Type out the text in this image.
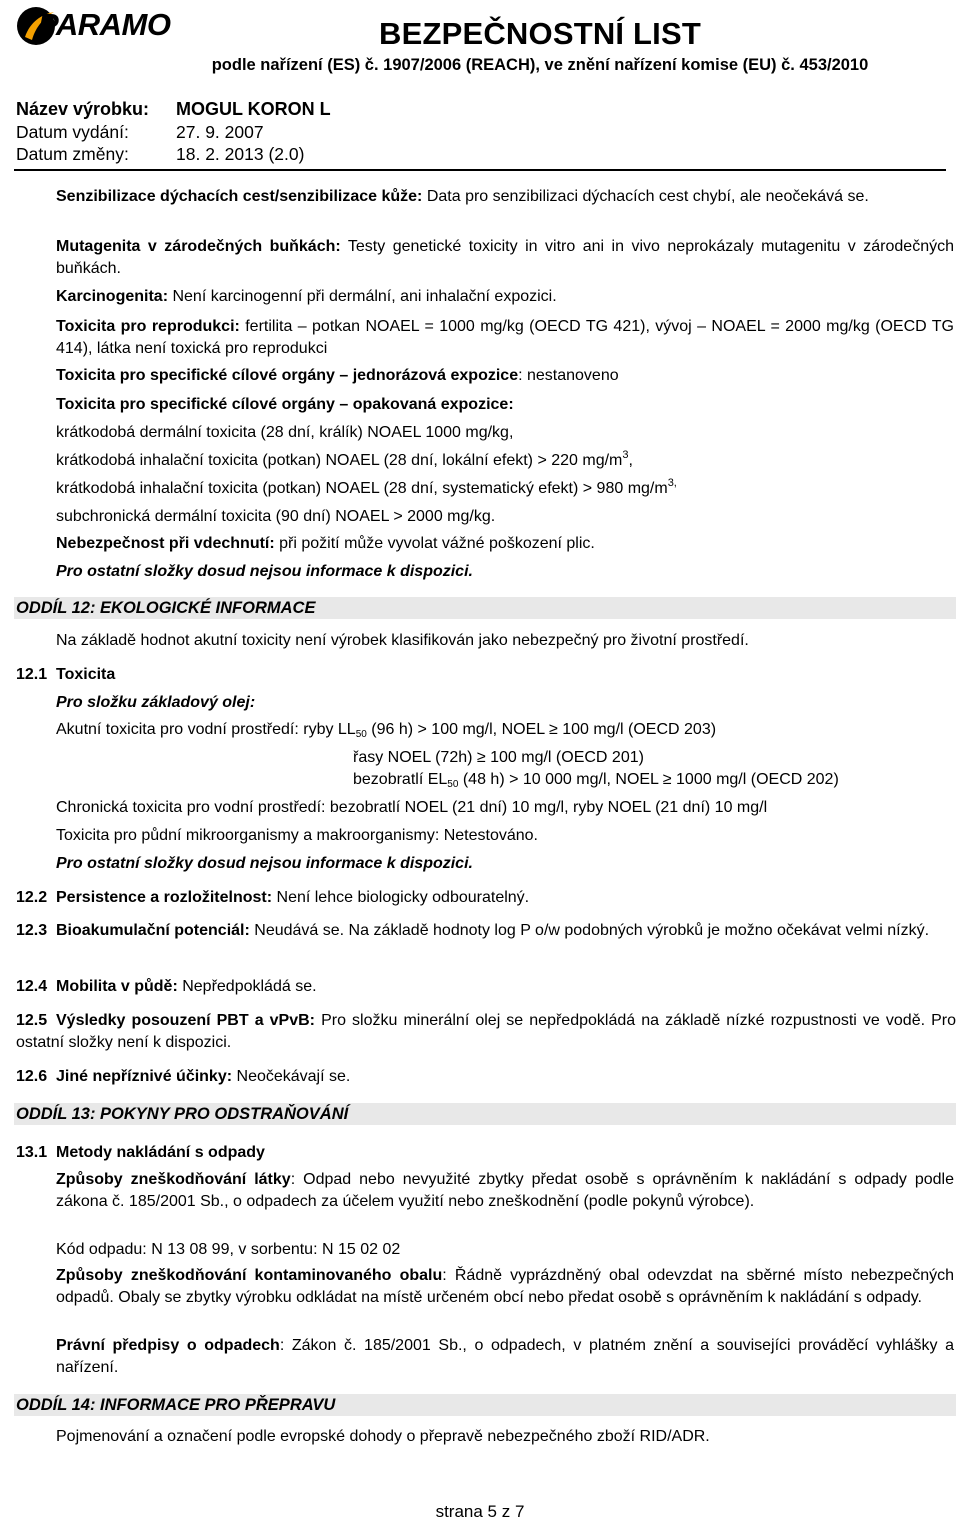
PARAMO	BEZPEČNOSTNÍ LIST
podle nařízení (ES) č. 1907/2006 (REACH), ve znění nařízení komise (EU) č. 453/2010
Název výrobku: MOGUL KORON L
Datum vydání:	27. 9. 2007
Datum změny:	18. 2. 2013 (2.0)
Senzibilizace dýchacích cest/senzibilizace kůže: Data pro senzibilizaci dýchacích cest chybí, ale neočekává se.
Mutagenita v zárodečných buňkách: Testy genetické toxicity in vitro ani in vivo neprokázaly mutagenitu v zárodečných buňkách.
Karcinogenita: Není karcinogenní při dermální, ani inhalační expozici.
Toxicita pro reprodukci: fertilita – potkan NOAEL = 1000 mg/kg (OECD TG 421), vývoj – NOAEL = 2000 mg/kg (OECD TG 414), látka není toxická pro reprodukci
Toxicita pro specifické cílové orgány – jednorázová expozice: nestanoveno
Toxicita pro specifické cílové orgány – opakovaná expozice:
krátkodobá dermální toxicita (28 dní, králík) NOAEL 1000 mg/kg,
krátkodobá inhalační toxicita (potkan) NOAEL (28 dní, lokální efekt) > 220 $mg/m^3$,
krátkodobá inhalační toxicita (potkan) NOAEL (28 dní, systematický efekt) > 980 $mg/m^{3,}$
subchronická dermální toxicita (90 dní) NOAEL > 2000 mg/kg.
Nebezpečnost při vdechnutí: při požití může vyvolat vážné poškození plic.
Pro ostatní složky dosud nejsou informace k dispozici.
ODDÍL 12: EKOLOGICKÉ INFORMACE
Na základě hodnot akutní toxicity není výrobek klasifikován jako nebezpečný pro životní prostředí.
12.1 Toxicita
Pro složku základový olej:
Akutní toxicita pro vodní prostředí: ryby $LL_{50}$ (96 h) > 100 mg/l, NOEL ≥ 100 mg/l (OECD 203)
řasy NOEL (72h) ≥ 100 mg/l (OECD 201)
bezobratlí $EL_{50}$ (48 h) > 10 000 mg/l, NOEL ≥ 1000 mg/l (OECD 202)
Chronická toxicita pro vodní prostředí: bezobratlí NOEL (21 dní) 10 mg/l, ryby NOEL (21 dní) 10 mg/l
Toxicita pro půdní mikroorganismy a makroorganismy: Netestováno.
Pro ostatní složky dosud nejsou informace k dispozici.
12.2 Persistence a rozložitelnost: Není lehce biologicky odbouratelný.
12.3 Bioakumulační potenciál: Neudává se. Na základě hodnoty log P o/w podobných výrobků je možno očekávat velmi nízký.
12.4 Mobilita v půdě: Nepředpokládá se.
12.5 Výsledky posouzení PBT a vPvB: Pro složku minerální olej se nepředpokládá na základě nízké rozpustnosti ve vodě. Pro ostatní složky není k dispozici.
12.6 Jiné nepříznivé účinky: Neočekávají se.
ODDÍL 13: POKYNY PRO ODSTRAŇOVÁNÍ
13.1 Metody nakládání s odpady
Způsoby zneškodňování látky: Odpad nebo nevyužité zbytky předat osobě s oprávněním k nakládání s odpady podle zákona č. 185/2001 Sb., o odpadech za účelem využití nebo zneškodnění (podle pokynů výrobce).
Kód odpadu: N 13 08 99, v sorbentu: N 15 02 02
Způsoby zneškodňování kontaminovaného obalu: Řádně vyprázdněný obal odevzdat na sběrné místo nebezpečných odpadů. Obaly se zbytky výrobku odkládat na místě určeném obcí nebo předat osobě s oprávněním k nakládání s odpady.
Právní předpisy o odpadech: Zákon č. 185/2001 Sb., o odpadech, v platném znění a souvisejíci prováděcí vyhlášky a nařízení.
ODDÍL 14: INFORMACE PRO PŘEPRAVU
Pojmenování a označení podle evropské dohody o přepravě nebezpečného zboží RID/ADR.
strana 5 z 7
